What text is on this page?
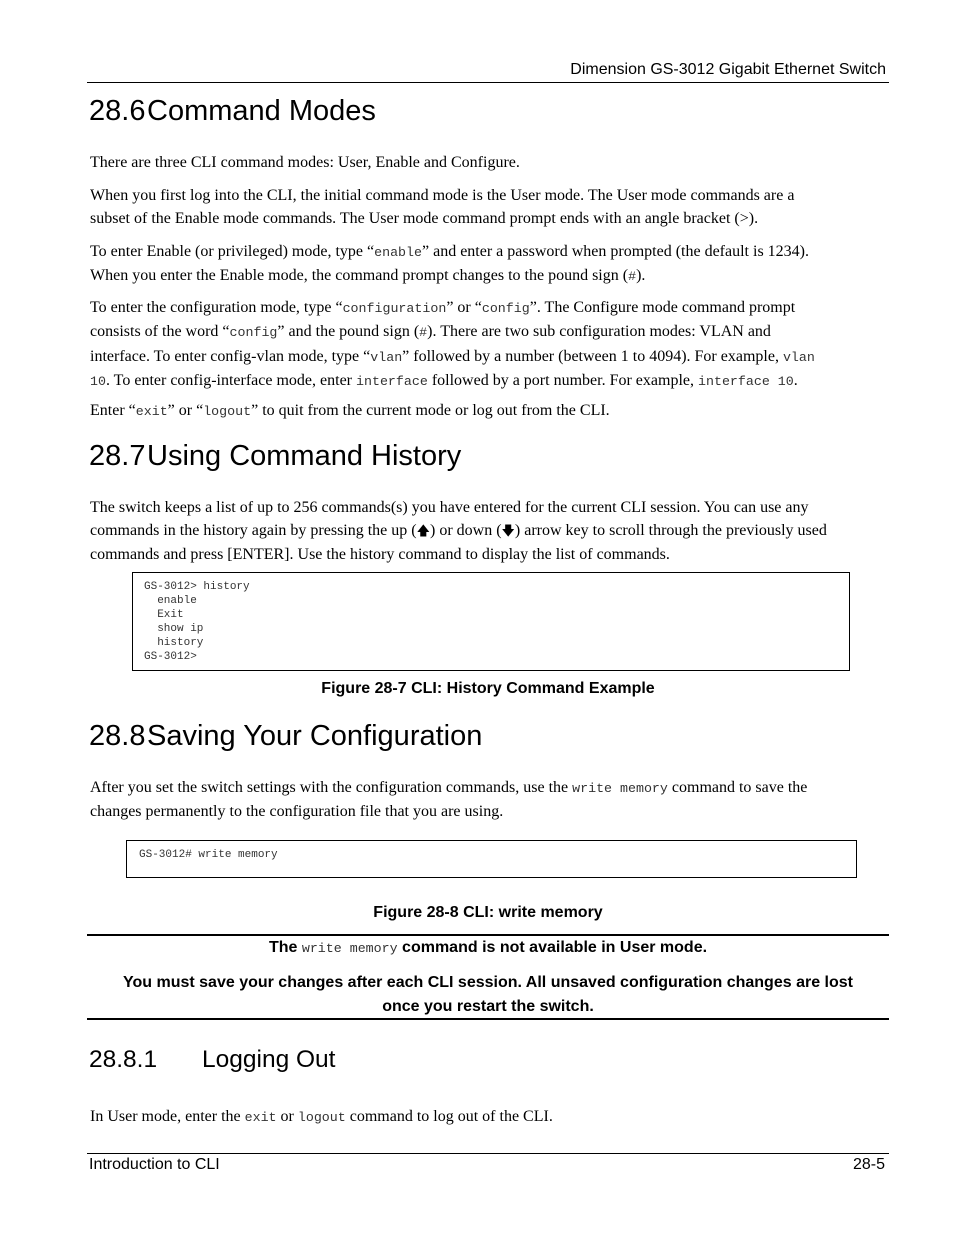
Dimension GS-3012 Gigabit Ethernet Switch
28.6Command Modes
There are three CLI command modes: User, Enable and Configure.
When you first log into the CLI, the initial command mode is the User mode. The User mode commands are a
subset of the Enable mode commands. The User mode command prompt ends with an angle bracket (>).
To enter Enable (or privileged) mode, type “enable” and enter a password when prompted (the default is 1234).
When you enter the Enable mode, the command prompt changes to the pound sign (#).
To enter the configuration mode, type “configuration” or “config”. The Configure mode command prompt
consists of the word “config” and the pound sign (#). There are two sub configuration modes: VLAN and
interface. To enter config-vlan mode, type “vlan” followed by a number (between 1 to 4094). For example, vlan
10. To enter config-interface mode, enter interface followed by a port number. For example, interface 10.
Enter “exit” or “logout” to quit from the current mode or log out from the CLI.
28.7Using Command History
The switch keeps a list of up to 256 commands(s) you have entered for the current CLI session. You can use any
commands in the history again by pressing the up (🡅) or down (🡇) arrow key to scroll through the previously used
commands and press [ENTER]. Use the history command to display the list of commands.
GS-3012> history
enable
Exit
show ip
history
GS-3012>
Figure 28-7 CLI: History Command Example
28.8Saving Your Configuration
After you set the switch settings with the configuration commands, use the write memory command to save the
changes permanently to the configuration file that you are using.
GS-3012# write memory
Figure 28-8 CLI: write memory
The write memory command is not available in User mode.
You must save your changes after each CLI session. All unsaved configuration changes are lost
once you restart the switch.
28.8.1 Logging Out
In User mode, enter the exit or logout command to log out of the CLI.
Introduction to CLI	28-5
